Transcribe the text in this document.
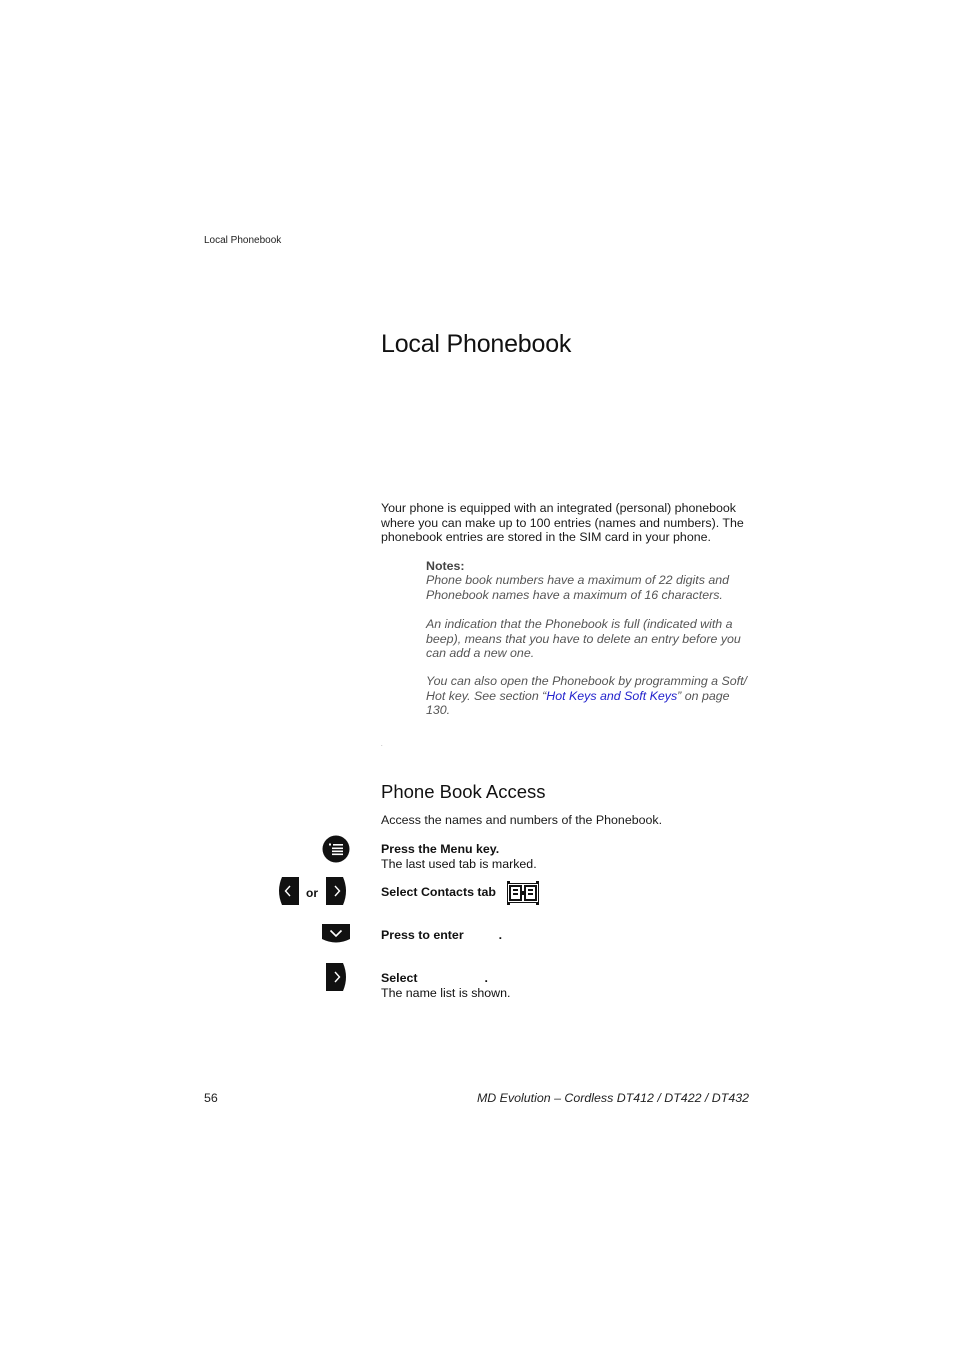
Local Phonebook
Local Phonebook
Your phone is equipped with an integrated (personal) phonebook where you can make up to 100 entries (names and numbers). The phonebook entries are stored in the SIM card in your phone.
Notes:
Phone book numbers have a maximum of 22 digits and Phonebook names have a maximum of 16 characters.
An indication that the Phonebook is full (indicated with a beep), means that you have to delete an entry before you can add a new one.
You can also open the Phonebook by programming a Soft/ Hot key. See section “Hot Keys and Soft Keys” on page 130.
.
Phone Book Access
Access the names and numbers of the Phonebook.
Press the Menu key.
The last used tab is marked.
or	Select Contacts tab
Press to enter	.
Select	.
The name list is shown.
56	MD Evolution – Cordless DT412 / DT422 / DT432
